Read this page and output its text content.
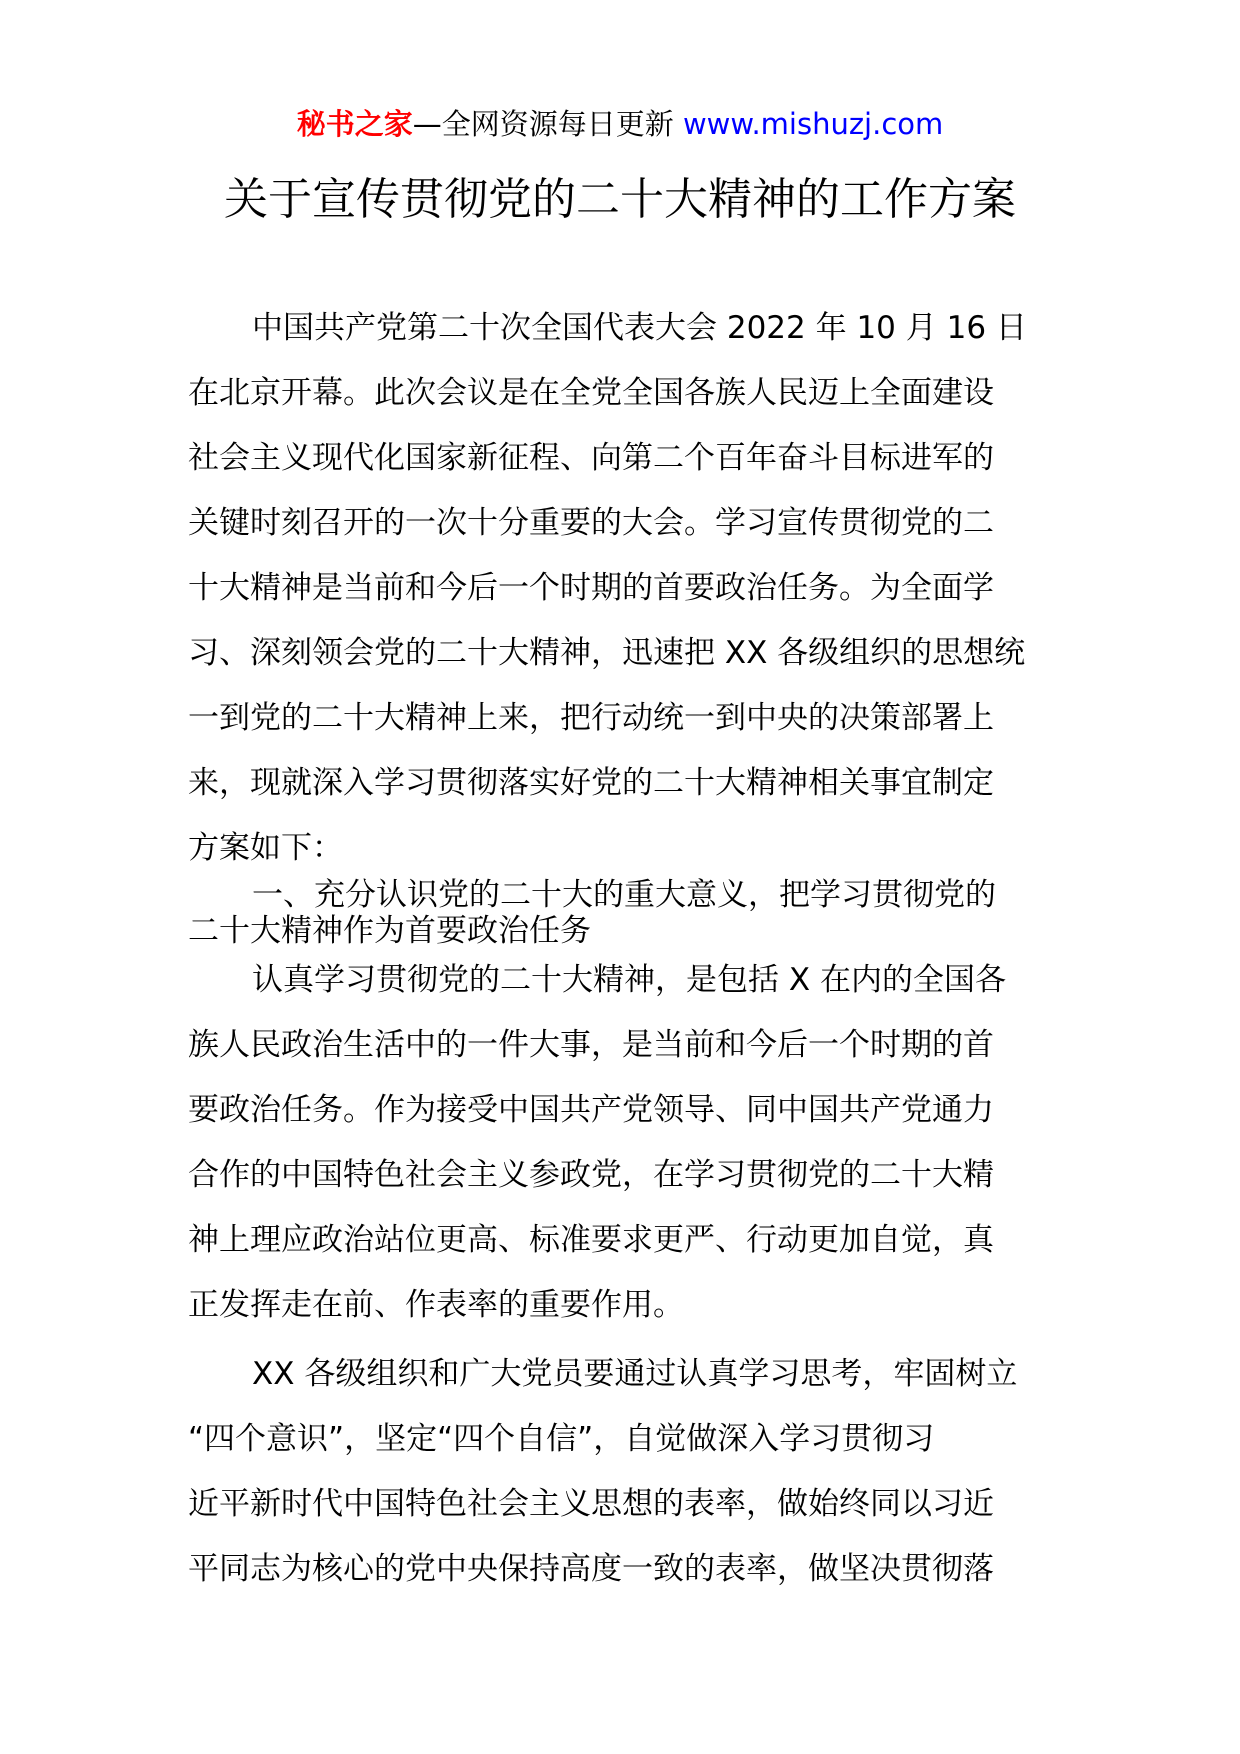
秘书之家—全网资源每日更新 www.mishuzj.com
关于宣传贯彻党的二十大精神的工作方案
中国共产党第二十次全国代表大会 2022 年 10 月 16 日
在北京开幕。此次会议是在全党全国各族人民迈上全面建设
社会主义现代化国家新征程、向第二个百年奋斗目标进军的
关键时刻召开的一次十分重要的大会。学习宣传贯彻党的二
十大精神是当前和今后一个时期的首要政治任务。为全面学
习、深刻领会党的二十大精神，迅速把 XX 各级组织的思想统
一到党的二十大精神上来，把行动统一到中央的决策部署上
来，现就深入学习贯彻落实好党的二十大精神相关事宜制定
方案如下：
一、充分认识党的二十大的重大意义，把学习贯彻党的
二十大精神作为首要政治任务
认真学习贯彻党的二十大精神，是包括 X 在内的全国各
族人民政治生活中的一件大事，是当前和今后一个时期的首
要政治任务。作为接受中国共产党领导、同中国共产党通力
合作的中国特色社会主义参政党，在学习贯彻党的二十大精
神上理应政治站位更高、标准要求更严、行动更加自觉，真
正发挥走在前、作表率的重要作用。
XX 各级组织和广大党员要通过认真学习思考，牢固树立
“四个意识”，坚定“四个自信”，自觉做深入学习贯彻习
近平新时代中国特色社会主义思想的表率，做始终同以习近
平同志为核心的党中央保持高度一致的表率，做坚决贯彻落
